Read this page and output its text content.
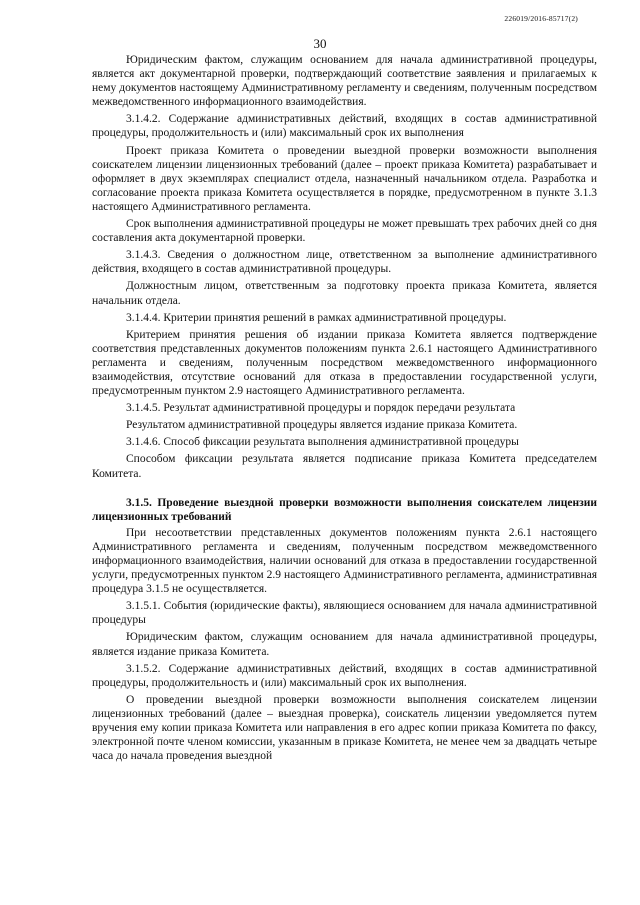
226019/2016-85717(2)
30

Юридическим фактом, служащим основанием для начала административной процедуры, является акт документарной проверки, подтверждающий соответствие заявления и прилагаемых к нему документов настоящему Административному регламенту и сведениям, полученным посредством межведомственного информационного взаимодействия.

3.1.4.2. Содержание административных действий, входящих в состав административной процедуры, продолжительность и (или) максимальный срок их выполнения

Проект приказа Комитета о проведении выездной проверки возможности выполнения соискателем лицензии лицензионных требований (далее – проект приказа Комитета) разрабатывает и оформляет в двух экземплярах специалист отдела, назначенный начальником отдела. Разработка и согласование проекта приказа Комитета осуществляется в порядке, предусмотренном в пункте 3.1.3 настоящего Административного регламента.

Срок выполнения административной процедуры не может превышать трех рабочих дней со дня составления акта документарной проверки.

3.1.4.3. Сведения о должностном лице, ответственном за выполнение административного действия, входящего в состав административной процедуры.

Должностным лицом, ответственным за подготовку проекта приказа Комитета, является начальник отдела.

3.1.4.4. Критерии принятия решений в рамках административной процедуры.

Критерием принятия решения об издании приказа Комитета является подтверждение соответствия представленных документов положениям пункта 2.6.1 настоящего Административного регламента и сведениям, полученным посредством межведомственного информационного взаимодействия, отсутствие оснований для отказа в предоставлении государственной услуги, предусмотренным пунктом 2.9 настоящего Административного регламента.

3.1.4.5. Результат административной процедуры и порядок передачи результата

Результатом административной процедуры является издание приказа Комитета.

3.1.4.6. Способ фиксации результата выполнения административной процедуры

Способом фиксации результата является подписание приказа Комитета председателем Комитета.

3.1.5. Проведение выездной проверки возможности выполнения соискателем лицензии лицензионных требований

При несоответствии представленных документов положениям пункта 2.6.1 настоящего Административного регламента и сведениям, полученным посредством межведомственного информационного взаимодействия, наличии оснований для отказа в предоставлении государственной услуги, предусмотренных пунктом 2.9 настоящего Административного регламента, административная процедура 3.1.5 не осуществляется.

3.1.5.1. События (юридические факты), являющиеся основанием для начала административной процедуры

Юридическим фактом, служащим основанием для начала административной процедуры, является издание приказа Комитета.

3.1.5.2. Содержание административных действий, входящих в состав административной процедуры, продолжительность и (или) максимальный срок их выполнения.

О проведении выездной проверки возможности выполнения соискателем лицензии лицензионных требований (далее – выездная проверка), соискатель лицензии уведомляется путем вручения ему копии приказа Комитета или направления в его адрес копии приказа Комитета по факсу, электронной почте членом комиссии, указанным в приказе Комитета, не менее чем за двадцать четыре часа до начала проведения выездной
